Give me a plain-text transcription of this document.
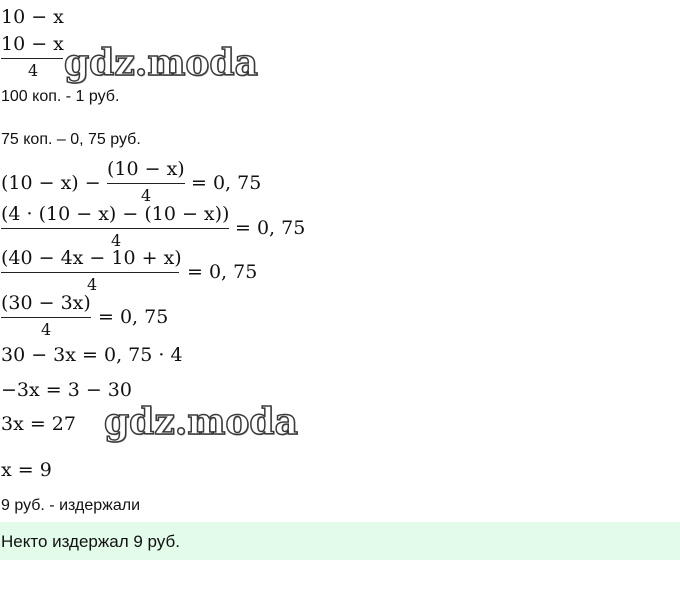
10 − x
10 − x
4 gdz.moda
100 коп. - 1 руб.
75 коп. – 0, 75 руб.
(10 − x) −
(10 − x)
4
= 0, 75
(4 · (10 − x) − (10 − x))
4
= 0, 75
(40 − 4x − 10 + x)
4
= 0, 75
(30 − 3x)
4
= 0, 75
30 − 3x = 0, 75 · 4
−3x = 3 − 30
3x = 27 gdz.moda
x = 9
9 руб. - издержали
Некто издержал 9 руб.
